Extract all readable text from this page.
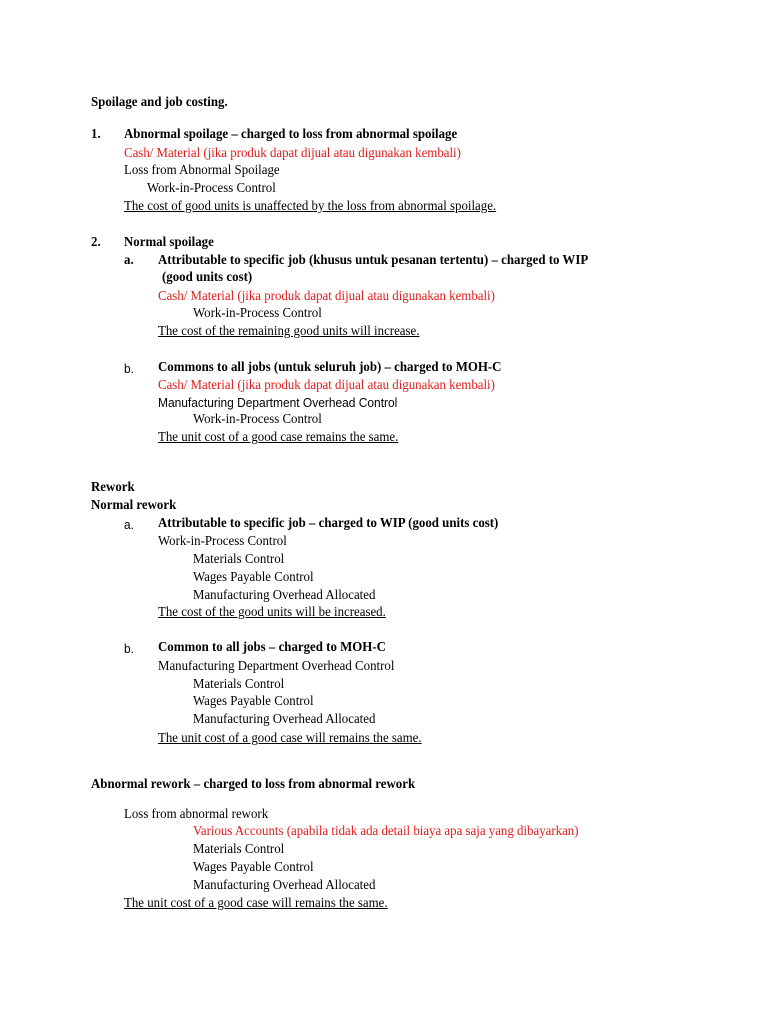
Spoilage and job costing.
1. Abnormal spoilage – charged to loss from abnormal spoilage
Cash/ Material (jika produk dapat dijual atau digunakan kembali)
Loss from Abnormal Spoilage
Work-in-Process Control
The cost of good units is unaffected by the loss from abnormal spoilage.
2. Normal spoilage
a. Attributable to specific job (khusus untuk pesanan tertentu) – charged to WIP
(good units cost)
Cash/ Material (jika produk dapat dijual atau digunakan kembali)
Work-in-Process Control
The cost of the remaining good units will increase.
b. Commons to all jobs (untuk seluruh job) – charged to MOH-C
Cash/ Material (jika produk dapat dijual atau digunakan kembali)
Manufacturing Department Overhead Control
Work-in-Process Control
The unit cost of a good case remains the same.
Rework
Normal rework
a. Attributable to specific job – charged to WIP (good units cost)
Work-in-Process Control
Materials Control
Wages Payable Control
Manufacturing Overhead Allocated
The cost of the good units will be increased.
b. Common to all jobs – charged to MOH-C
Manufacturing Department Overhead Control
Materials Control
Wages Payable Control
Manufacturing Overhead Allocated
The unit cost of a good case will remains the same.
Abnormal rework – charged to loss from abnormal rework
Loss from abnormal rework
Various Accounts (apabila tidak ada detail biaya apa saja yang dibayarkan)
Materials Control
Wages Payable Control
Manufacturing Overhead Allocated
The unit cost of a good case will remains the same.
